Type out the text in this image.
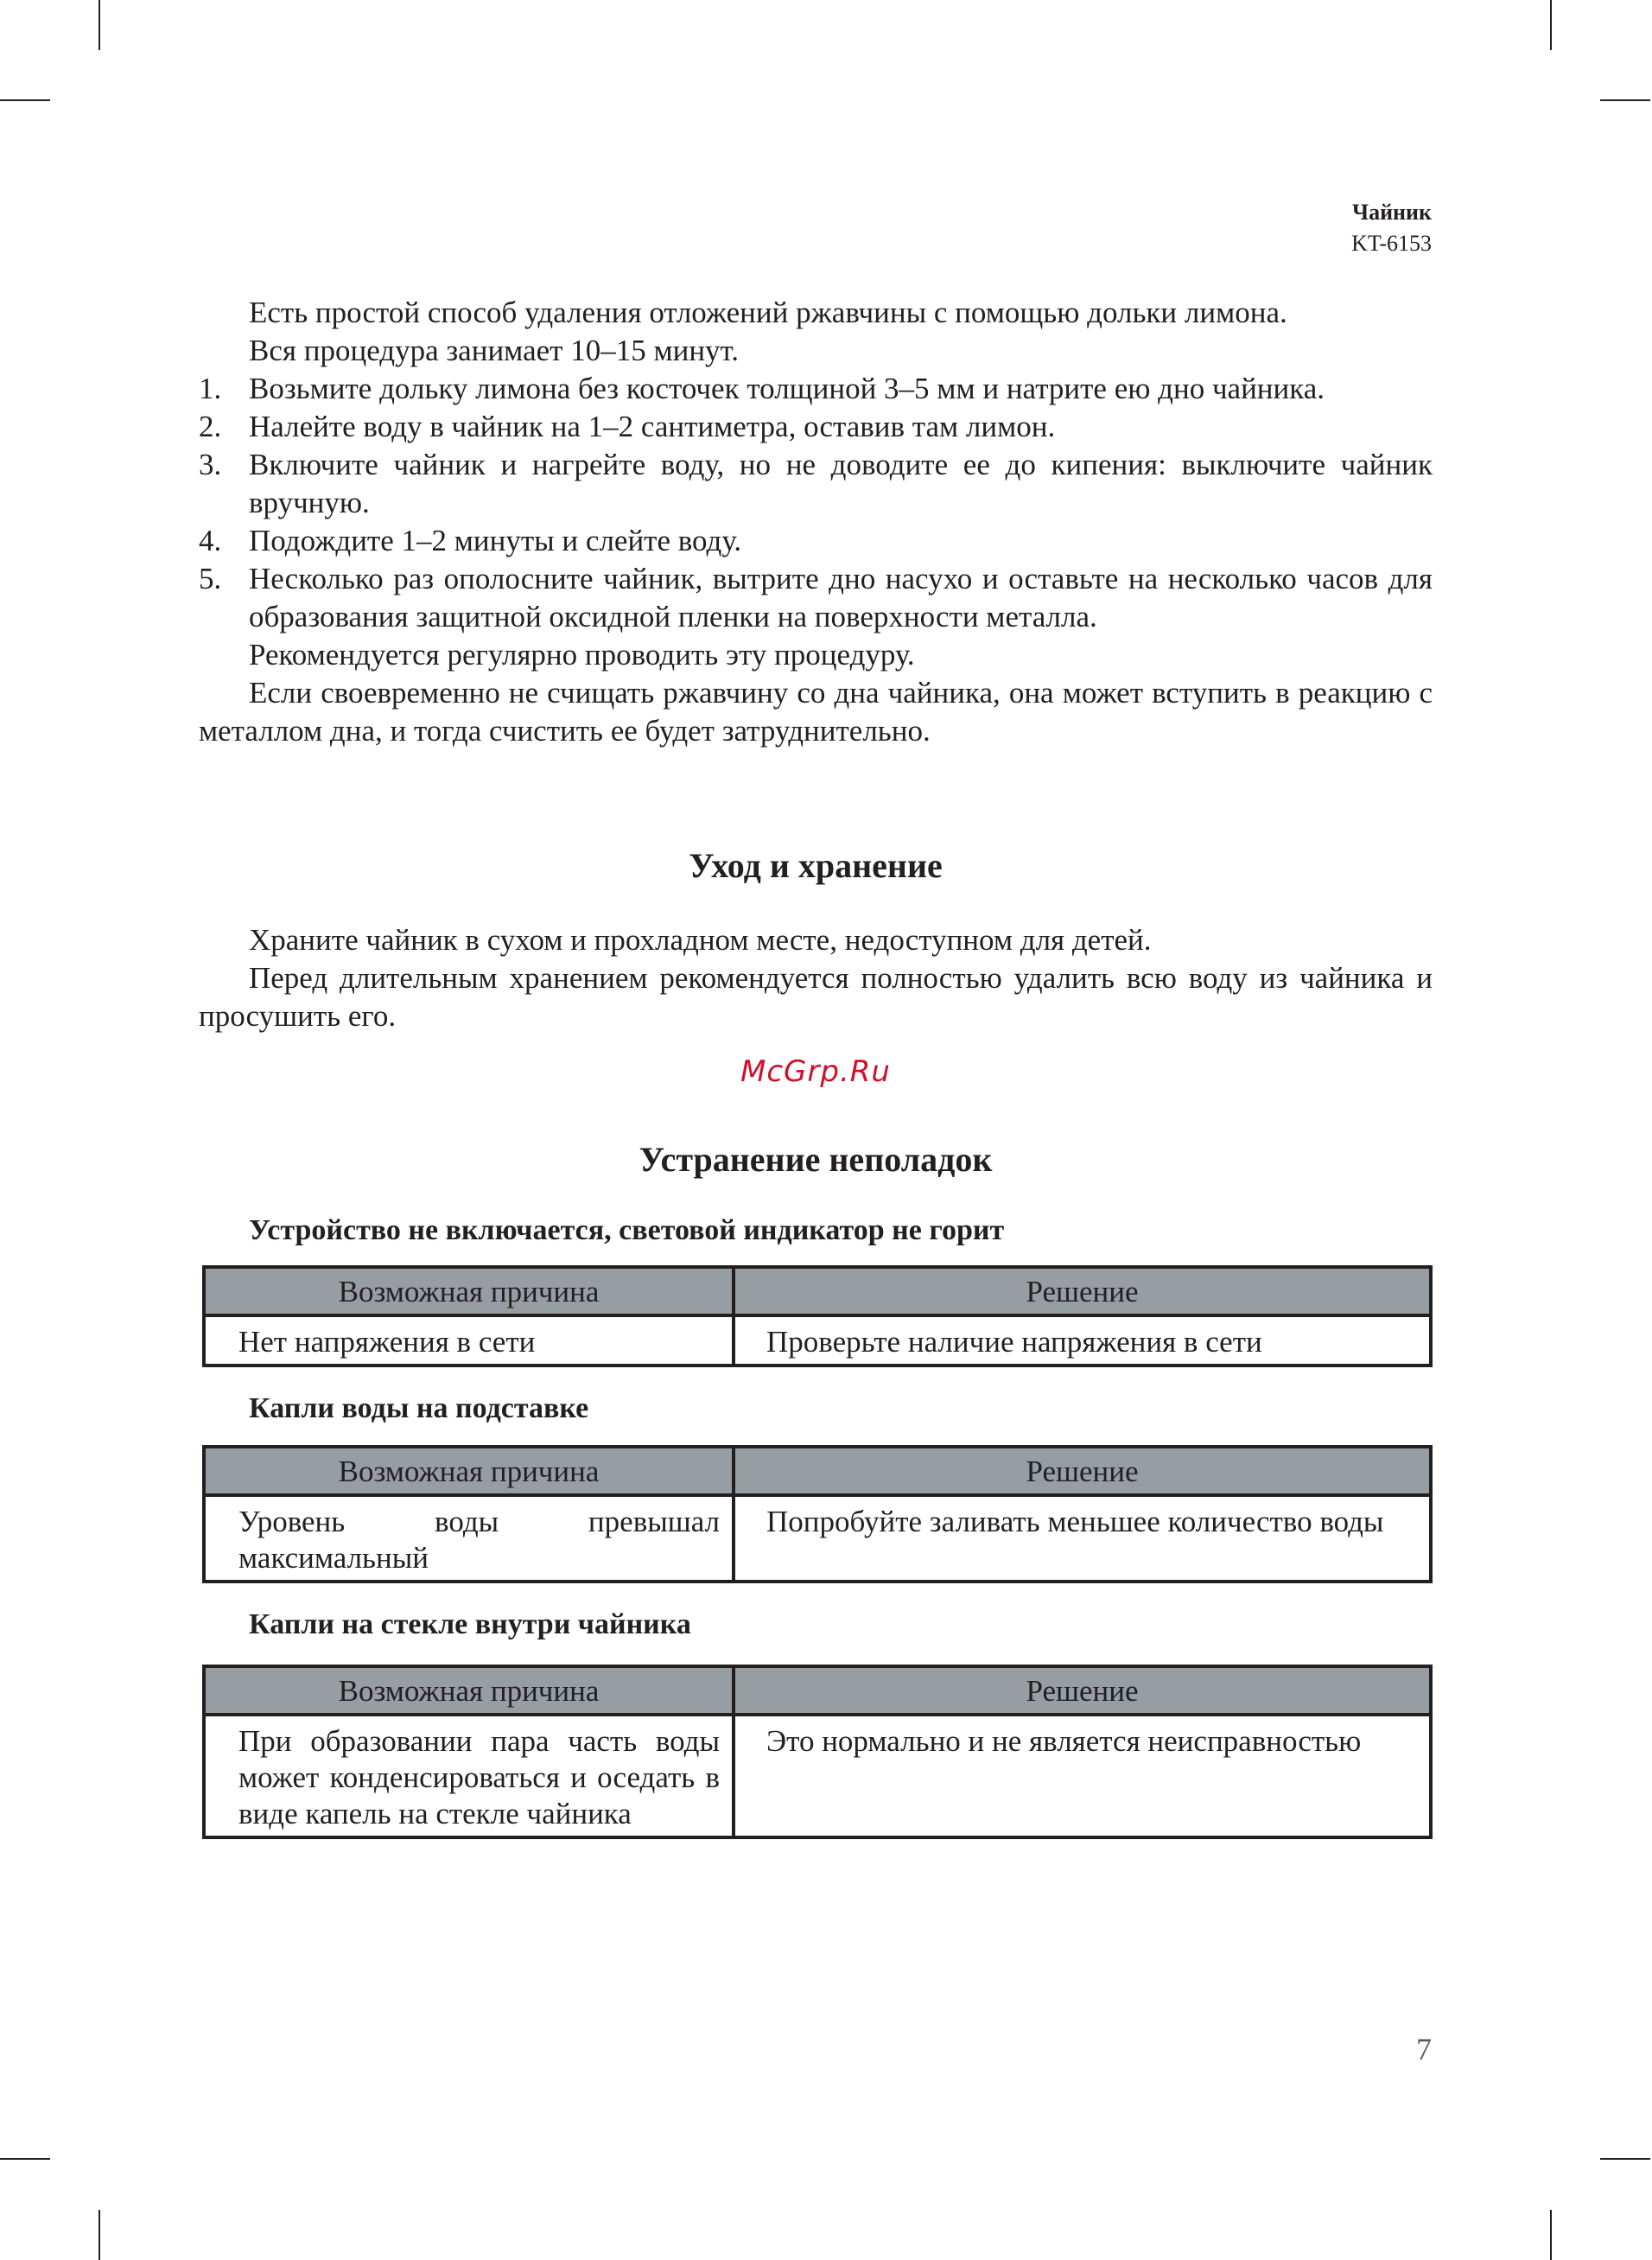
Чайник
KT-6153

Есть простой способ удаления отложений ржавчины с помощью дольки лимона.

Вся процедура занимает 10–15 минут.

1. Возьмите дольку лимона без косточек толщиной 3–5 мм и натрите ею дно чайника.
2. Налейте воду в чайник на 1–2 сантиметра, оставив там лимон.
3. Включите чайник и нагрейте воду, но не доводите ее до кипения: выключите чайник вручную.
4. Подождите 1–2 минуты и слейте воду.
5. Несколько раз ополосните чайник, вытрите дно насухо и оставьте на несколько часов для образования защитной оксидной пленки на поверхности металла.

Рекомендуется регулярно проводить эту процедуру.

Если своевременно не счищать ржавчину со дна чайника, она может вступить в реакцию с металлом дна, и тогда счистить ее будет затруднительно.

Уход и хранение

Храните чайник в сухом и прохладном месте, недоступном для детей.

Перед длительным хранением рекомендуется полностью удалить всю воду из чайника и просушить его.

McGrp.Ru
Устранение неполадок
Устройство не включается, световой индикатор не горит
Возможная причина	Решение
Нет напряжения в сети	Проверьте наличие напряжения в сети
Капли воды на подставке
Возможная причина	Решение
Уровень воды превышал максимальный	Попробуйте заливать меньшее количество воды
Капли на стекле внутри чайника
Возможная причина	Решение
При образовании пара часть воды может конденсироваться и оседать в виде капель на стекле чайника	Это нормально и не является неисправностью
7
